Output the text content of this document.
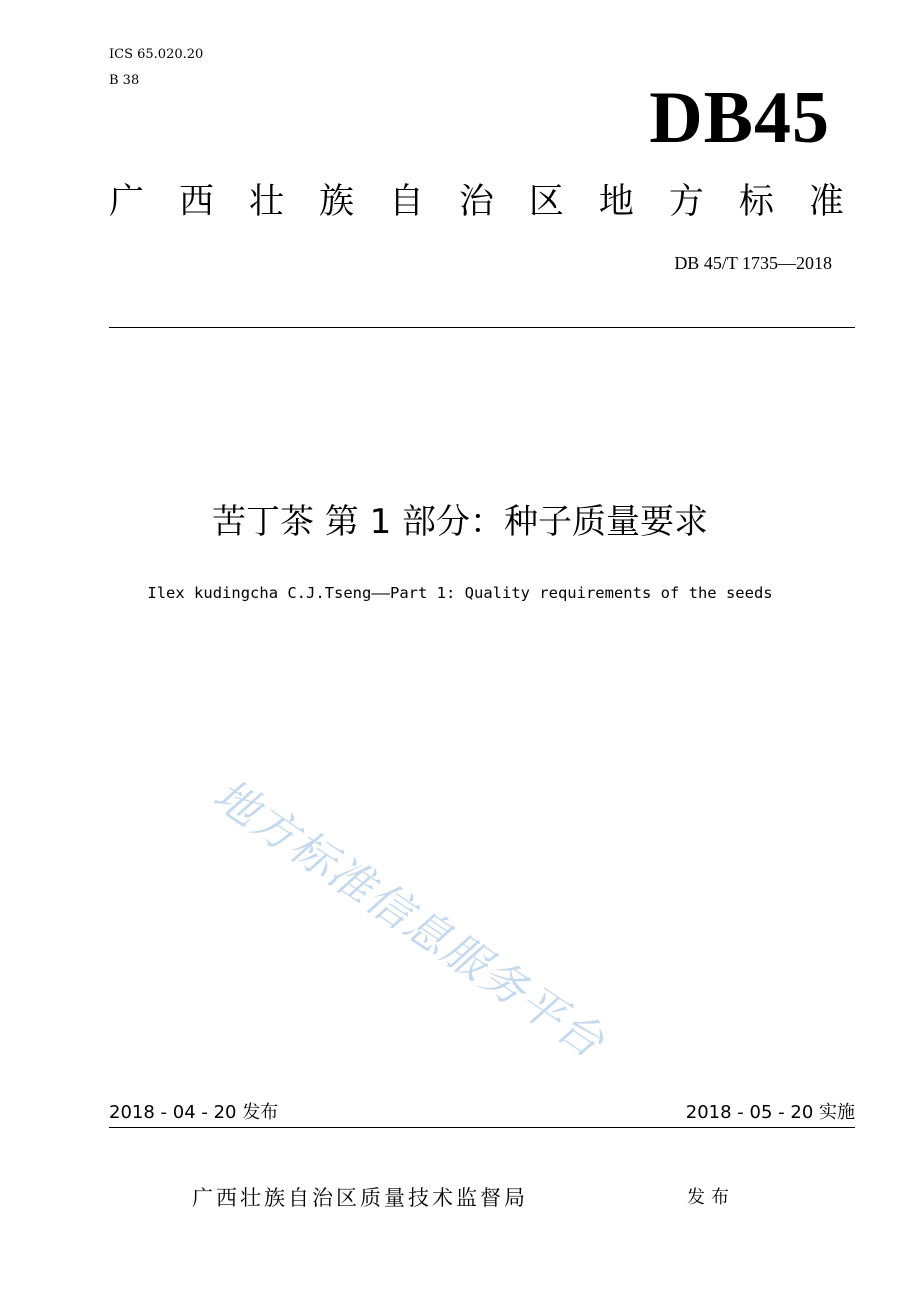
ICS 65.020.20
B 38	DB45
广 西 壮 族 自 治 区 地 方 标 准
DB 45/T 1735—2018
苦丁茶 第 1 部分：种子质量要求
Ilex kudingcha C.J.Tseng——Part 1: Quality requirements of the seeds
地方标准信息服务平台
2018 - 04 - 20 发布	2018 - 05 - 20 实施
广西壮族自治区质量技术监督局	发布
